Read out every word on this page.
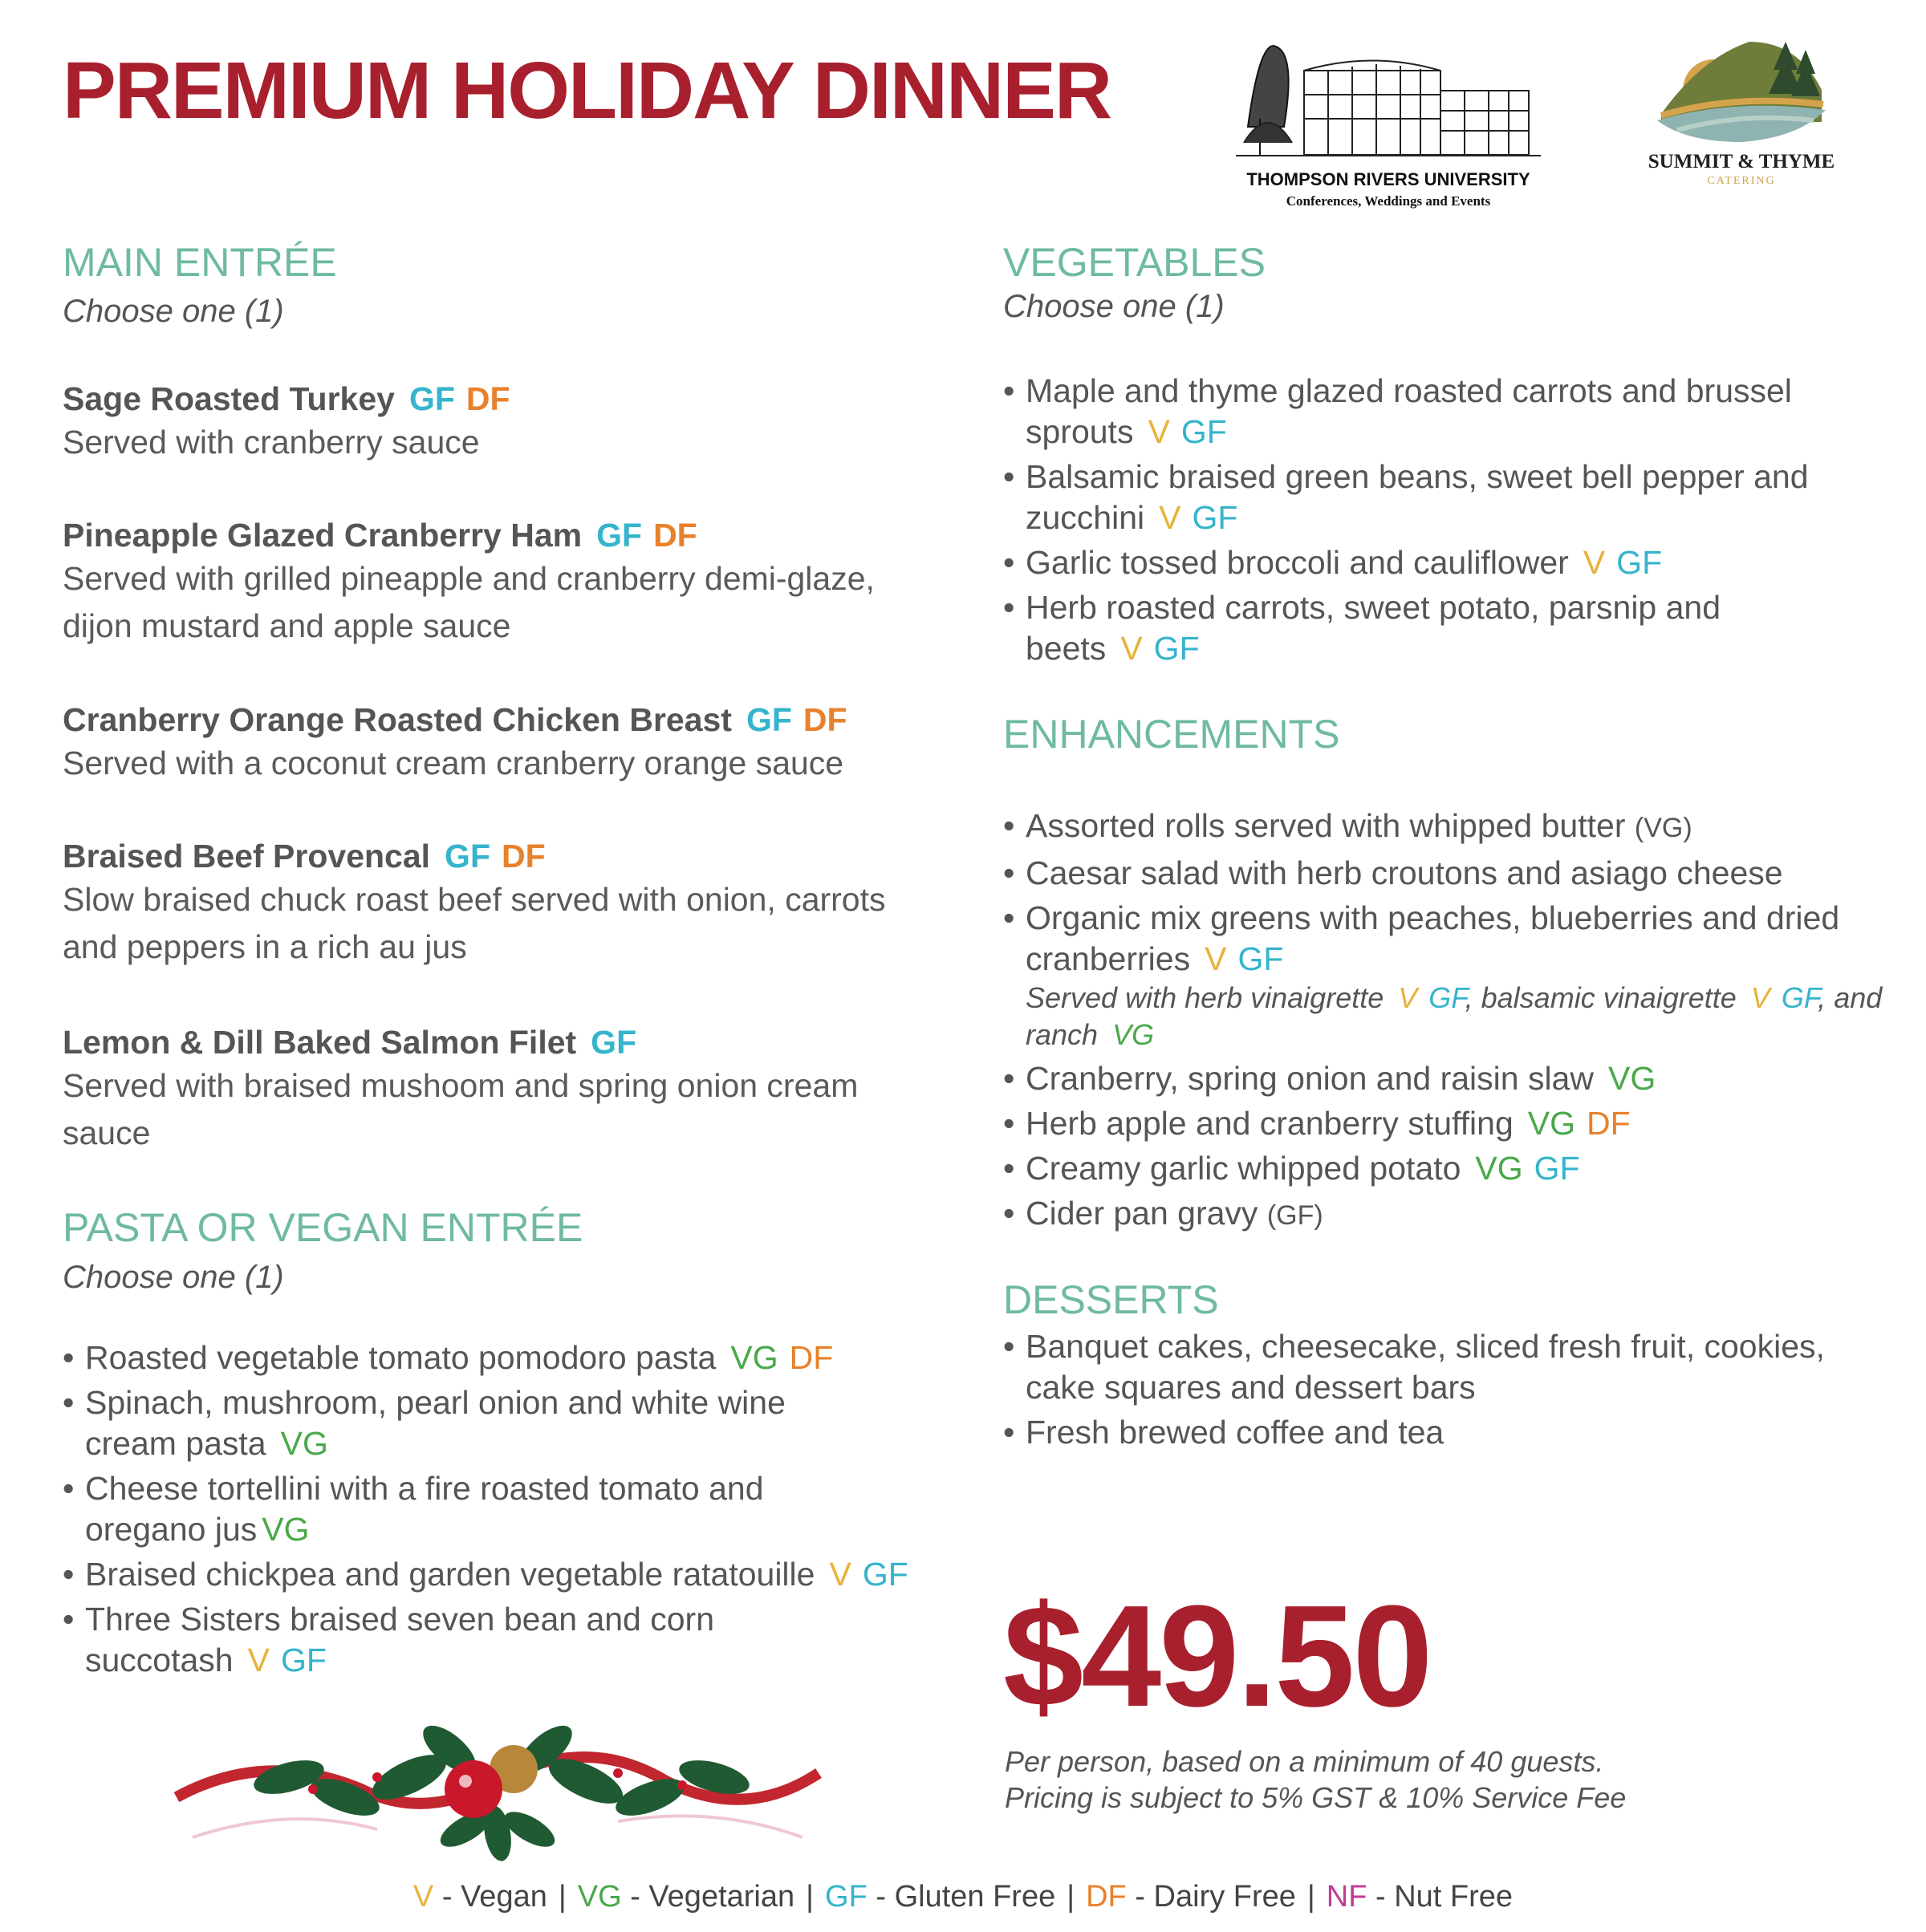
PREMIUM HOLIDAY DINNER
THOMPSON RIVERS UNIVERSITY
Conferences, Weddings and Events
SUMMIT & THYME
CATERING
MAIN ENTRÉE
Choose one (1)
Sage Roasted Turkey GF DF
Served with cranberry sauce
Pineapple Glazed Cranberry Ham GF DF
Served with grilled pineapple and cranberry demi-glaze, dijon mustard and apple sauce
Cranberry Orange Roasted Chicken Breast GF DF
Served with a coconut cream cranberry orange sauce
Braised Beef Provencal GF DF
Slow braised chuck roast beef served with onion, carrots and peppers in a rich au jus
Lemon & Dill Baked Salmon Filet GF
Served with braised mushoom and spring onion cream sauce
PASTA OR VEGAN ENTRÉE
Choose one (1)
• Roasted vegetable tomato pomodoro pasta VG DF
• Spinach, mushroom, pearl onion and white wine cream pasta VG
• Cheese tortellini with a fire roasted tomato and oregano jus VG
• Braised chickpea and garden vegetable ratatouille V GF
• Three Sisters braised seven bean and corn succotash V GF
VEGETABLES
Choose one (1)
• Maple and thyme glazed roasted carrots and brussel sprouts V GF
• Balsamic braised green beans, sweet bell pepper and zucchini V GF
• Garlic tossed broccoli and cauliflower V GF
• Herb roasted carrots, sweet potato, parsnip and beets V GF
ENHANCEMENTS
• Assorted rolls served with whipped butter (VG)
• Caesar salad with herb croutons and asiago cheese
• Organic mix greens with peaches, blueberries and dried cranberries V GF
Served with herb vinaigrette V GF, balsamic vinaigrette V GF, and ranch VG
• Cranberry, spring onion and raisin slaw VG
• Herb apple and cranberry stuffing VG DF
• Creamy garlic whipped potato VG GF
• Cider pan gravy (GF)
DESSERTS
• Banquet cakes, cheesecake, sliced fresh fruit, cookies, cake squares and dessert bars
• Fresh brewed coffee and tea
$49.50
Per person, based on a minimum of 40 guests.
Pricing is subject to 5% GST & 10% Service Fee
V - Vegan | VG - Vegetarian | GF - Gluten Free | DF - Dairy Free | NF - Nut Free
